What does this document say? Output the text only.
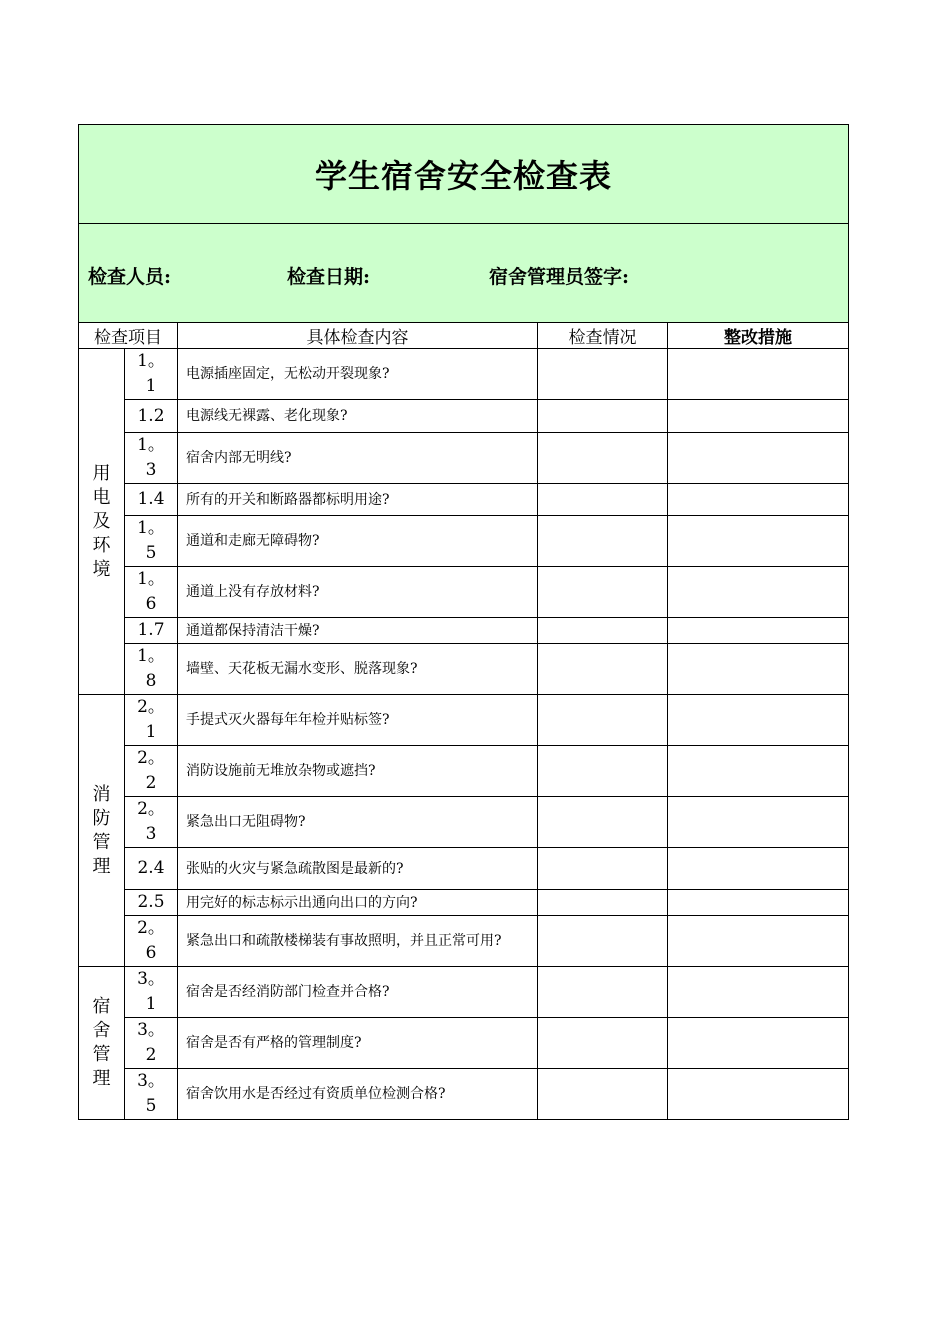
学生宿舍安全检查表				

检查人员: 检查日期: 宿舍管理员签字:				

检查项目		具体检查内容	检查情况	整改措施
用电及环境	1。1	电源插座固定，无松动开裂现象?		
	1.2	电源线无裸露、老化现象?		
	1。3	宿舍内部无明线?		
	1.4	所有的开关和断路器都标明用途?		
	1。5	通道和走廊无障碍物?		
	1。6	通道上没有存放材料?		
	1.7	通道都保持清洁干燥?		
	1。8	墙壁、天花板无漏水变形、脱落现象?		
消防管理	2。1	手提式灭火器每年年检并贴标签?		
	2。2	消防设施前无堆放杂物或遮挡?		
	2。3	紧急出口无阻碍物?		
	2.4	张贴的火灾与紧急疏散图是最新的?		
	2.5	用完好的标志标示出通向出口的方向?		
	2。6	紧急出口和疏散楼梯装有事故照明，并且正常可用?		
宿舍管理	3。1	宿舍是否经消防部门检查并合格?		
	3。2	宿舍是否有严格的管理制度?		
	3。5	宿舍饮用水是否经过有资质单位检测合格?		
